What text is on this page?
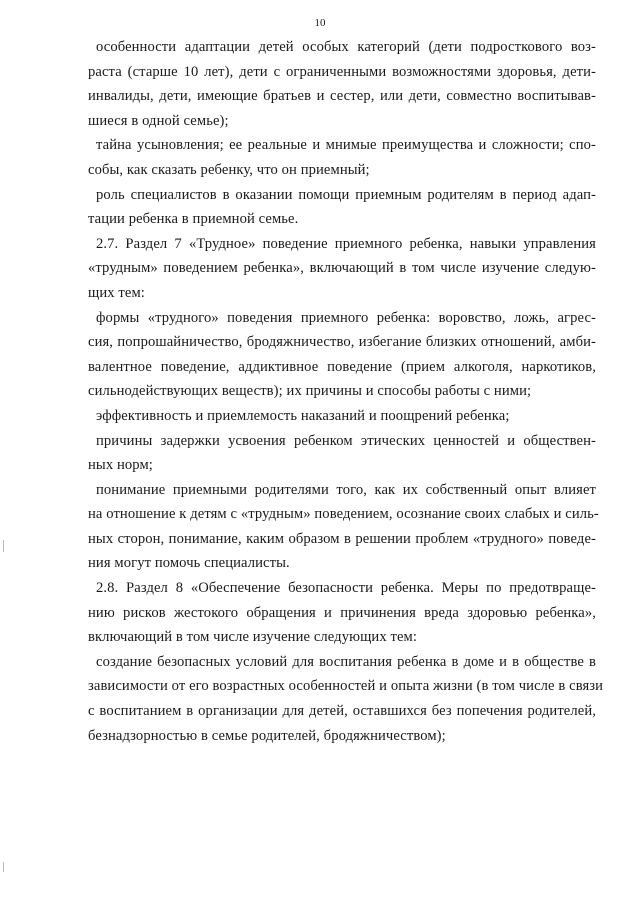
10

особенности адаптации детей особых категорий (дети подросткового воз-
раста (старше 10 лет), дети с ограниченными возможностями здоровья, дети-
инвалиды, дети, имеющие братьев и сестер, или дети, совместно воспитывав-
шиеся в одной семье);

тайна усыновления; ее реальные и мнимые преимущества и сложности; спо-
собы, как сказать ребенку, что он приемный;

роль специалистов в оказании помощи приемным родителям в период адап-
тации ребенка в приемной семье.

2.7. Раздел 7 «Трудное» поведение приемного ребенка, навыки управления
«трудным» поведением ребенка», включающий в том числе изучение следую-
щих тем:

формы «трудного» поведения приемного ребенка: воровство, ложь, агрес-
сия, попрошайничество, бродяжничество, избегание близких отношений, амби-
валентное поведение, аддиктивное поведение (прием алкоголя, наркотиков,
сильнодействующих веществ); их причины и способы работы с ними;

эффективность и приемлемость наказаний и поощрений ребенка;

причины задержки усвоения ребенком этических ценностей и обществен-
ных норм;

понимание приемными родителями того, как их собственный опыт влияет
на отношение к детям с «трудным» поведением, осознание своих слабых и силь-
ных сторон, понимание, каким образом в решении проблем «трудного» поведе-
ния могут помочь специалисты.

2.8. Раздел 8 «Обеспечение безопасности ребенка. Меры по предотвраще-
нию рисков жестокого обращения и причинения вреда здоровью ребенка»,
включающий в том числе изучение следующих тем:

создание безопасных условий для воспитания ребенка в доме и в обществе в
зависимости от его возрастных особенностей и опыта жизни (в том числе в связи
с воспитанием в организации для детей, оставшихся без попечения родителей,
безнадзорностью в семье родителей, бродяжничеством);
